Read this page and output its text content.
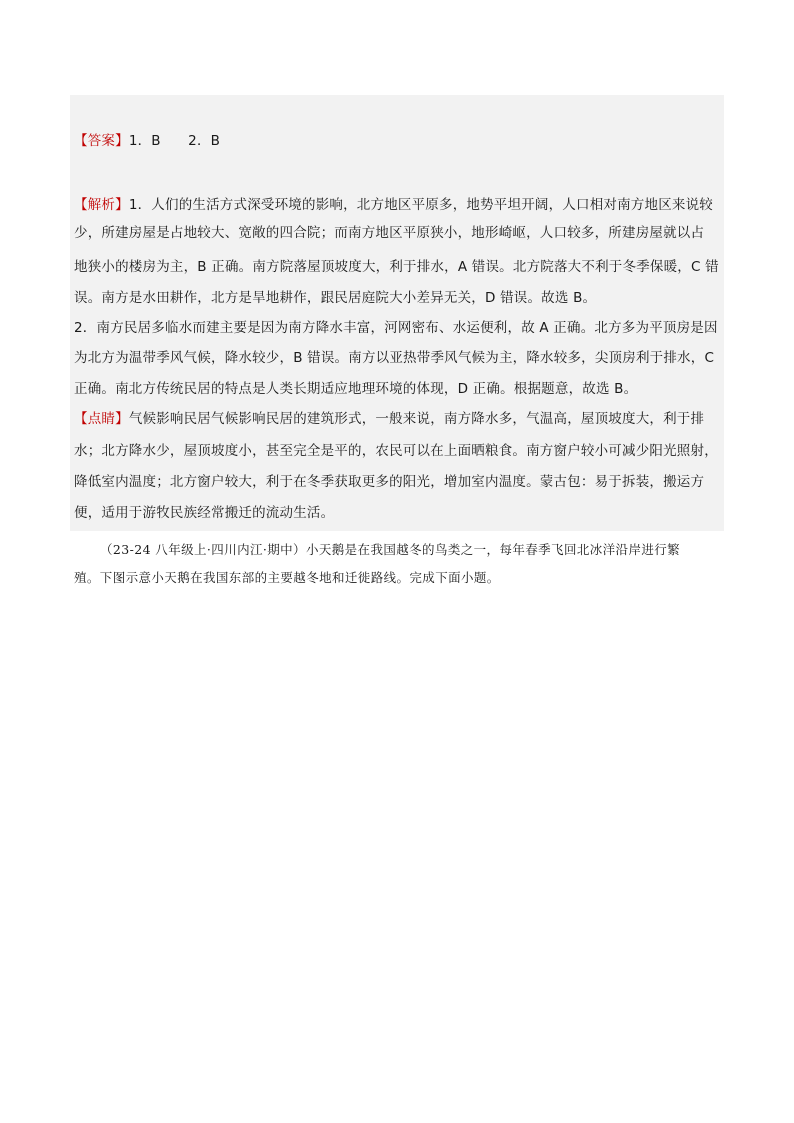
【答案】1．B　　2．B
【解析】1．人们的生活方式深受环境的影响，北方地区平原多，地势平坦开阔，人口相对南方地区来说较
少，所建房屋是占地较大、宽敞的四合院；而南方地区平原狭小，地形崎岖，人口较多，所建房屋就以占
地狭小的楼房为主，B 正确。南方院落屋顶坡度大，利于排水，A 错误。北方院落大不利于冬季保暖，C 错
误。南方是水田耕作，北方是旱地耕作，跟民居庭院大小差异无关，D 错误。故选 B。
2．南方民居多临水而建主要是因为南方降水丰富，河网密布、水运便利，故 A 正确。北方多为平顶房是因
为北方为温带季风气候，降水较少，B 错误。南方以亚热带季风气候为主，降水较多，尖顶房利于排水，C
正确。南北方传统民居的特点是人类长期适应地理环境的体现，D 正确。根据题意，故选 B。
【点睛】气候影响民居气候影响民居的建筑形式，一般来说，南方降水多，气温高，屋顶坡度大，利于排
水；北方降水少，屋顶坡度小，甚至完全是平的，农民可以在上面晒粮食。南方窗户较小可减少阳光照射，
降低室内温度；北方窗户较大，利于在冬季获取更多的阳光，增加室内温度。蒙古包：易于拆装，搬运方
便，适用于游牧民族经常搬迁的流动生活。
（23-24 八年级上·四川内江·期中）小天鹅是在我国越冬的鸟类之一，每年春季飞回北冰洋沿岸进行繁
殖。下图示意小天鹅在我国东部的主要越冬地和迁徙路线。完成下面小题。
